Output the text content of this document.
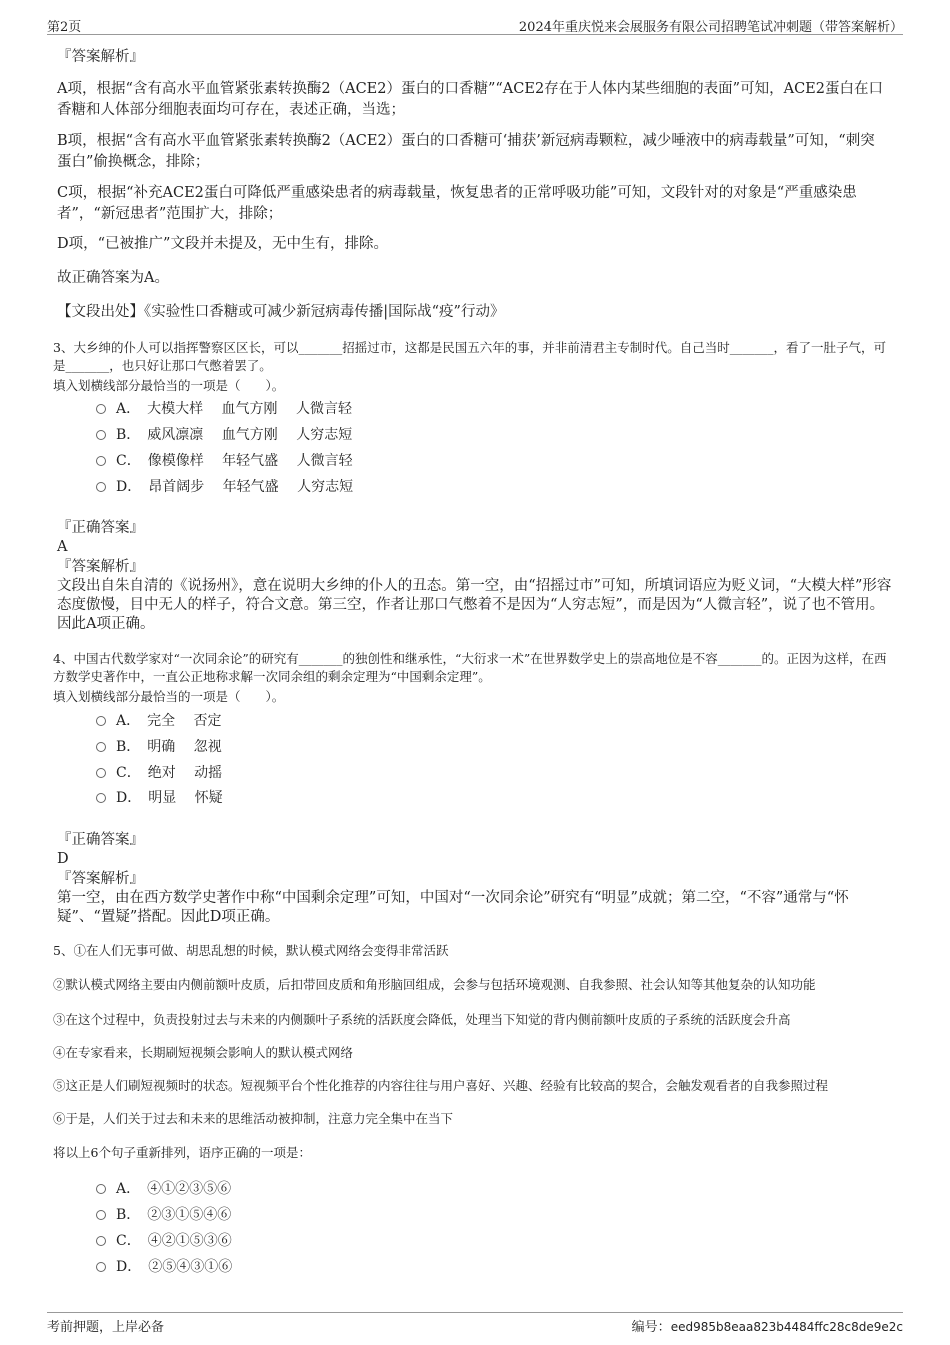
第2页	2024年重庆悦来会展服务有限公司招聘笔试冲刺题（带答案解析）
『答案解析』
A项，根据“含有高水平血管紧张素转换酶2（ACE2）蛋白的口香糖”“ACE2存在于人体内某些细胞的表面”可知，ACE2蛋白在口香糖和人体部分细胞表面均可存在，表述正确，当选；
B项，根据“含有高水平血管紧张素转换酶2（ACE2）蛋白的口香糖可‘捕获’新冠病毒颗粒，减少唾液中的病毒载量”可知，“刺突蛋白”偷换概念，排除；
C项，根据“补充ACE2蛋白可降低严重感染患者的病毒载量，恢复患者的正常呼吸功能”可知，文段针对的对象是“严重感染患者”，“新冠患者”范围扩大，排除；
D项，“已被推广”文段并未提及，无中生有，排除。
故正确答案为A。
【文段出处】《实验性口香糖或可减少新冠病毒传播|国际战“疫”行动》
3、大乡绅的仆人可以指挥警察区区长，可以_______招摇过市，这都是民国五六年的事，并非前清君主专制时代。自己当时_______，看了一肚子气，可是_______，也只好让那口气憋着罢了。
填入划横线部分最恰当的一项是（　　）。
A．　大模大样　 血气方刚　 人微言轻
B．　威风凛凛　 血气方刚　 人穷志短
C．　像模像样　 年轻气盛　 人微言轻
D．　昂首阔步　 年轻气盛　 人穷志短
『正确答案』
A
『答案解析』
文段出自朱自清的《说扬州》，意在说明大乡绅的仆人的丑态。第一空，由“招摇过市”可知，所填词语应为贬义词，“大模大样”形容态度傲慢，目中无人的样子，符合文意。第三空，作者让那口气憋着不是因为“人穷志短”，而是因为“人微言轻”，说了也不管用。因此A项正确。
4、中国古代数学家对“一次同余论”的研究有_______的独创性和继承性，“大衍求一术”在世界数学史上的崇高地位是不容_______的。正因为这样，在西方数学史著作中，一直公正地称求解一次同余组的剩余定理为“中国剩余定理”。
填入划横线部分最恰当的一项是（　　）。
A．　完全　 否定
B．　明确　 忽视
C．　绝对　 动摇
D．　明显　 怀疑
『正确答案』
D
『答案解析』
第一空，由在西方数学史著作中称“中国剩余定理”可知，中国对“一次同余论”研究有“明显”成就；第二空，“不容”通常与“怀疑”、“置疑”搭配。因此D项正确。
5、①在人们无事可做、胡思乱想的时候，默认模式网络会变得非常活跃
②默认模式网络主要由内侧前额叶皮质，后扣带回皮质和角形脑回组成，会参与包括环境观测、自我参照、社会认知等其他复杂的认知功能
③在这个过程中，负责投射过去与未来的内侧颞叶子系统的活跃度会降低，处理当下知觉的背内侧前额叶皮质的子系统的活跃度会升高
④在专家看来，长期刷短视频会影响人的默认模式网络
⑤这正是人们刷短视频时的状态。短视频平台个性化推荐的内容往往与用户喜好、兴趣、经验有比较高的契合，会触发观看者的自我参照过程
⑥于是，人们关于过去和未来的思维活动被抑制，注意力完全集中在当下
将以上6个句子重新排列，语序正确的一项是：
A．　④①②③⑤⑥
B．　②③①⑤④⑥
C．　④②①⑤③⑥
D．　②⑤④③①⑥
考前押题，上岸必备	编号：eed985b8eaa823b4484ffc28c8de9e2c
